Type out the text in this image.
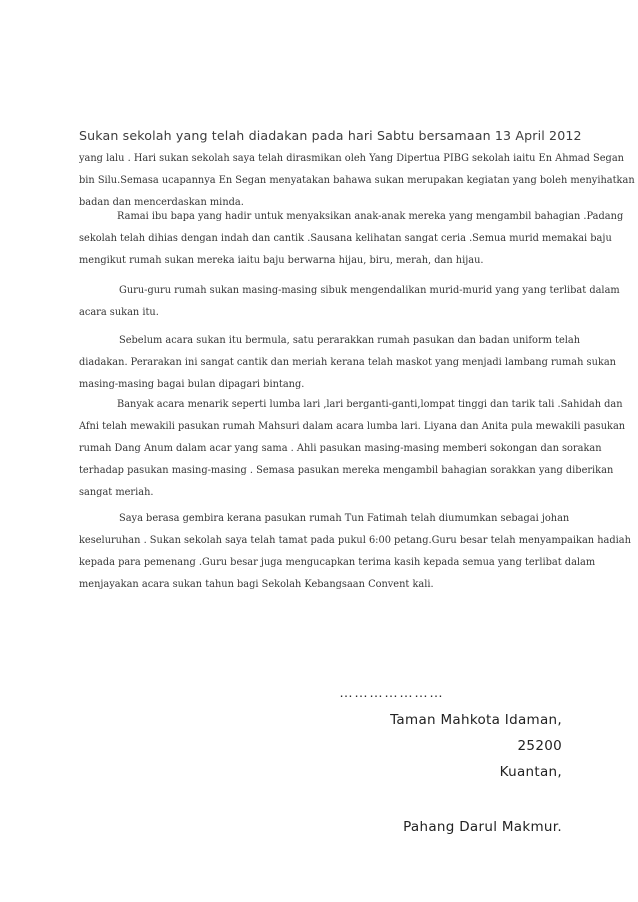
Sukan sekolah yang telah diadakan pada hari Sabtu bersamaan 13 April 2012
yang lalu . Hari sukan sekolah saya telah dirasmikan oleh Yang Dipertua PIBG sekolah iaitu En Ahmad Segan
bin Silu.Semasa ucapannya En Segan menyatakan bahawa sukan merupakan kegiatan yang boleh menyihatkan
badan dan mencerdaskan minda.
Ramai ibu bapa yang hadir untuk menyaksikan anak-anak mereka yang mengambil bahagian .Padang
sekolah telah dihias dengan indah dan cantik .Sausana kelihatan sangat ceria .Semua murid memakai baju
mengikut rumah sukan mereka iaitu baju berwarna hijau, biru, merah, dan hijau.
Guru-guru rumah sukan masing-masing sibuk mengendalikan murid-murid yang yang terlibat dalam
acara sukan itu.
Sebelum acara sukan itu bermula, satu perarakkan rumah pasukan dan badan uniform telah
diadakan. Perarakan ini sangat cantik dan meriah kerana telah maskot yang menjadi lambang rumah sukan
masing-masing bagai bulan dipagari bintang.
Banyak acara menarik seperti lumba lari ,lari berganti-ganti,lompat tinggi dan tarik tali .Sahidah dan
Afni telah mewakili pasukan rumah Mahsuri dalam acara lumba lari. Liyana dan Anita pula mewakili pasukan
rumah Dang Anum dalam acar yang sama . Ahli pasukan masing-masing memberi sokongan dan sorakan
terhadap pasukan masing-masing . Semasa pasukan mereka mengambil bahagian sorakkan yang diberikan
sangat meriah.
Saya berasa gembira kerana pasukan rumah Tun Fatimah telah diumumkan sebagai johan
keseluruhan . Sukan sekolah saya telah tamat pada pukul 6:00 petang.Guru besar telah menyampaikan hadiah
kepada para pemenang .Guru besar juga mengucapkan terima kasih kepada semua yang terlibat dalam
menjayakan acara sukan tahun bagi Sekolah Kebangsaan Convent kali.
…………………
Taman Mahkota Idaman,
25200
Kuantan,
Pahang Darul Makmur.
